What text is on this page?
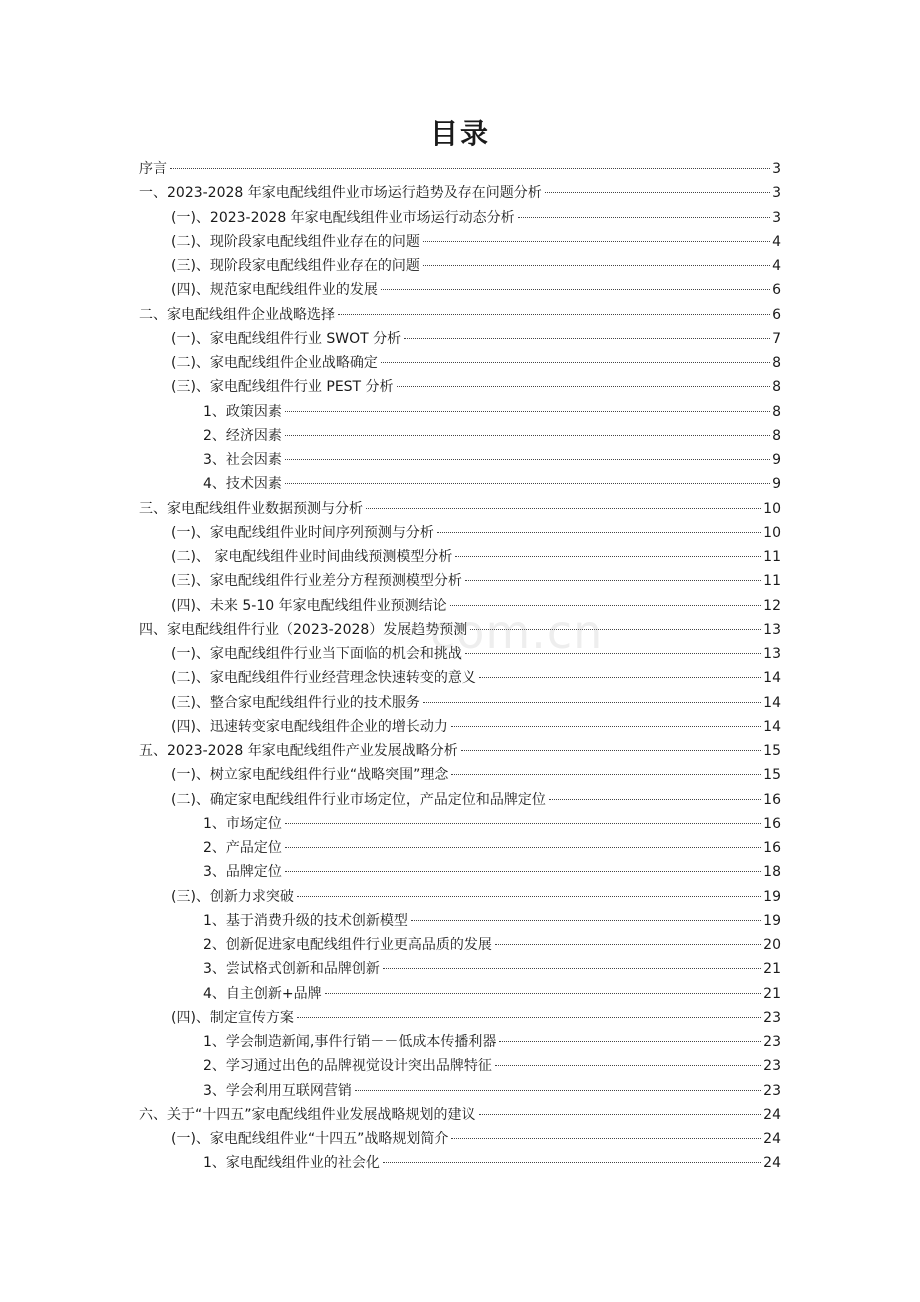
目录
序言	3
一、2023-2028 年家电配线组件业市场运行趋势及存在问题分析	3
(一)、2023-2028 年家电配线组件业市场运行动态分析	3
(二)、现阶段家电配线组件业存在的问题	4
(三)、现阶段家电配线组件业存在的问题	4
(四)、规范家电配线组件业的发展	6
二、家电配线组件企业战略选择	6
(一)、家电配线组件行业 SWOT 分析	7
(二)、家电配线组件企业战略确定	8
(三)、家电配线组件行业 PEST 分析	8
1、政策因素	8
2、经济因素	8
3、社会因素	9
4、技术因素	9
三、家电配线组件业数据预测与分析	10
(一)、家电配线组件业时间序列预测与分析	10
(二)、 家电配线组件业时间曲线预测模型分析	11
(三)、家电配线组件行业差分方程预测模型分析	11
(四)、未来 5-10 年家电配线组件业预测结论	12
四、家电配线组件行业（2023-2028）发展趋势预测	13
(一)、家电配线组件行业当下面临的机会和挑战	13
(二)、家电配线组件行业经营理念快速转变的意义	14
(三)、整合家电配线组件行业的技术服务	14
(四)、迅速转变家电配线组件企业的增长动力	14
五、2023-2028 年家电配线组件产业发展战略分析	15
(一)、树立家电配线组件行业“战略突围”理念	15
(二)、确定家电配线组件行业市场定位，产品定位和品牌定位	16
1、市场定位	16
2、产品定位	16
3、品牌定位	18
(三)、创新力求突破	19
1、基于消费升级的技术创新模型	19
2、创新促进家电配线组件行业更高品质的发展	20
3、尝试格式创新和品牌创新	21
4、自主创新+品牌	21
(四)、制定宣传方案	23
1、学会制造新闻,事件行销－－低成本传播利器	23
2、学习通过出色的品牌视觉设计突出品牌特征	23
3、学会利用互联网营销	23
六、关于“十四五”家电配线组件业发展战略规划的建议	24
(一)、家电配线组件业“十四五”战略规划简介	24
1、家电配线组件业的社会化	24
com.cn
